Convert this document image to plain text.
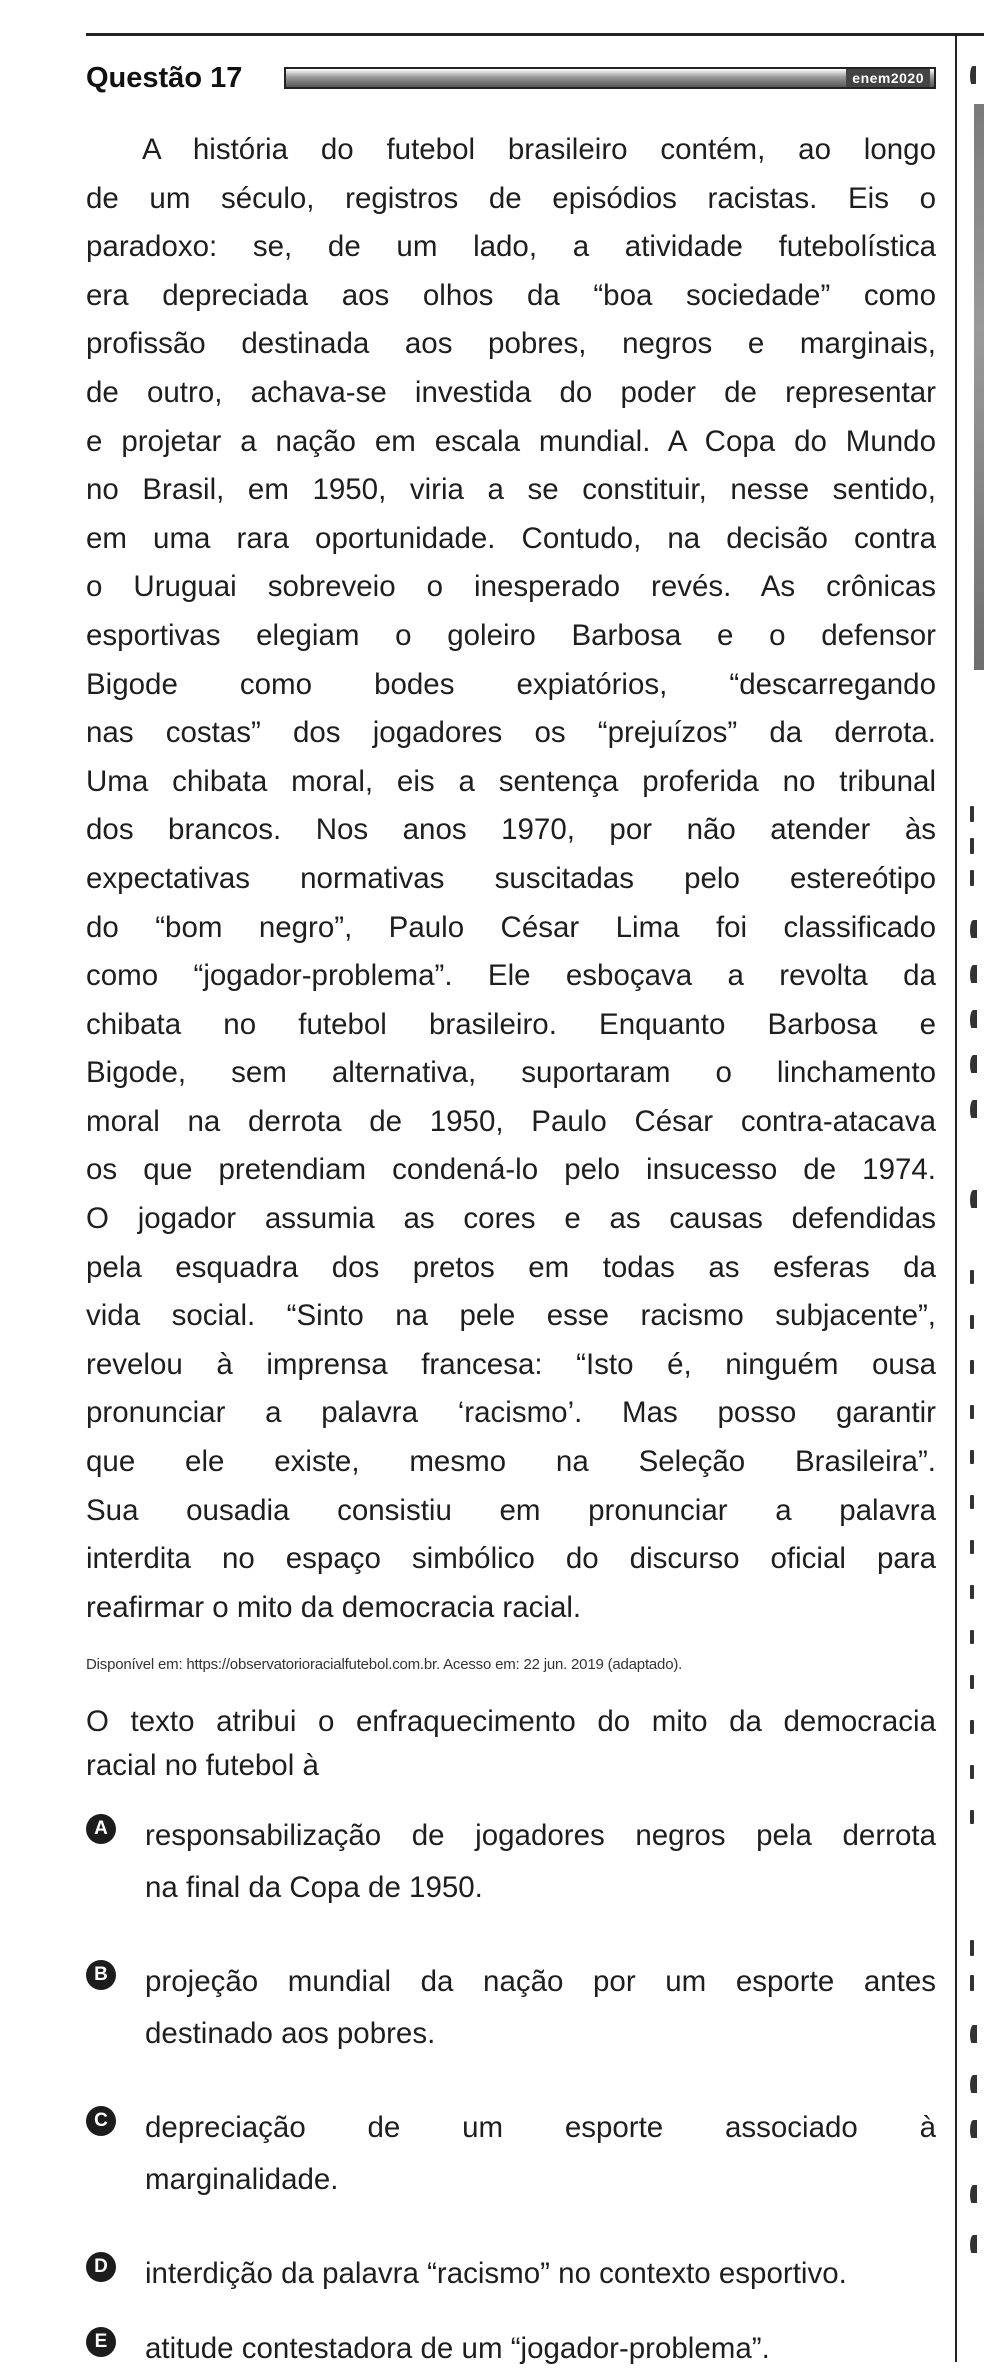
Questão 17	enem2020
A história do futebol brasileiro contém, ao longo
de um século, registros de episódios racistas. Eis o
paradoxo: se, de um lado, a atividade futebolística
era depreciada aos olhos da “boa sociedade” como
profissão destinada aos pobres, negros e marginais,
de outro, achava-se investida do poder de representar
e projetar a nação em escala mundial. A Copa do Mundo
no Brasil, em 1950, viria a se constituir, nesse sentido,
em uma rara oportunidade. Contudo, na decisão contra
o Uruguai sobreveio o inesperado revés. As crônicas
esportivas elegiam o goleiro Barbosa e o defensor
Bigode como bodes expiatórios, “descarregando
nas costas” dos jogadores os “prejuízos” da derrota.
Uma chibata moral, eis a sentença proferida no tribunal
dos brancos. Nos anos 1970, por não atender às
expectativas normativas suscitadas pelo estereótipo
do “bom negro”, Paulo César Lima foi classificado
como “jogador-problema”. Ele esboçava a revolta da
chibata no futebol brasileiro. Enquanto Barbosa e
Bigode, sem alternativa, suportaram o linchamento
moral na derrota de 1950, Paulo César contra-atacava
os que pretendiam condená-lo pelo insucesso de 1974.
O jogador assumia as cores e as causas defendidas
pela esquadra dos pretos em todas as esferas da
vida social. “Sinto na pele esse racismo subjacente”,
revelou à imprensa francesa: “Isto é, ninguém ousa
pronunciar a palavra ‘racismo’. Mas posso garantir
que ele existe, mesmo na Seleção Brasileira”.
Sua ousadia consistiu em pronunciar a palavra
interdita no espaço simbólico do discurso oficial para
reafirmar o mito da democracia racial.
Disponível em: https://observatorioracialfutebol.com.br. Acesso em: 22 jun. 2019 (adaptado).
O texto atribui o enfraquecimento do mito da democracia
racial no futebol à
A responsabilização de jogadores negros pela derrota
na final da Copa de 1950.
B projeção mundial da nação por um esporte antes
destinado aos pobres.
C depreciação de um esporte associado à
marginalidade.
D interdição da palavra “racismo” no contexto esportivo.
E atitude contestadora de um “jogador-problema”.
